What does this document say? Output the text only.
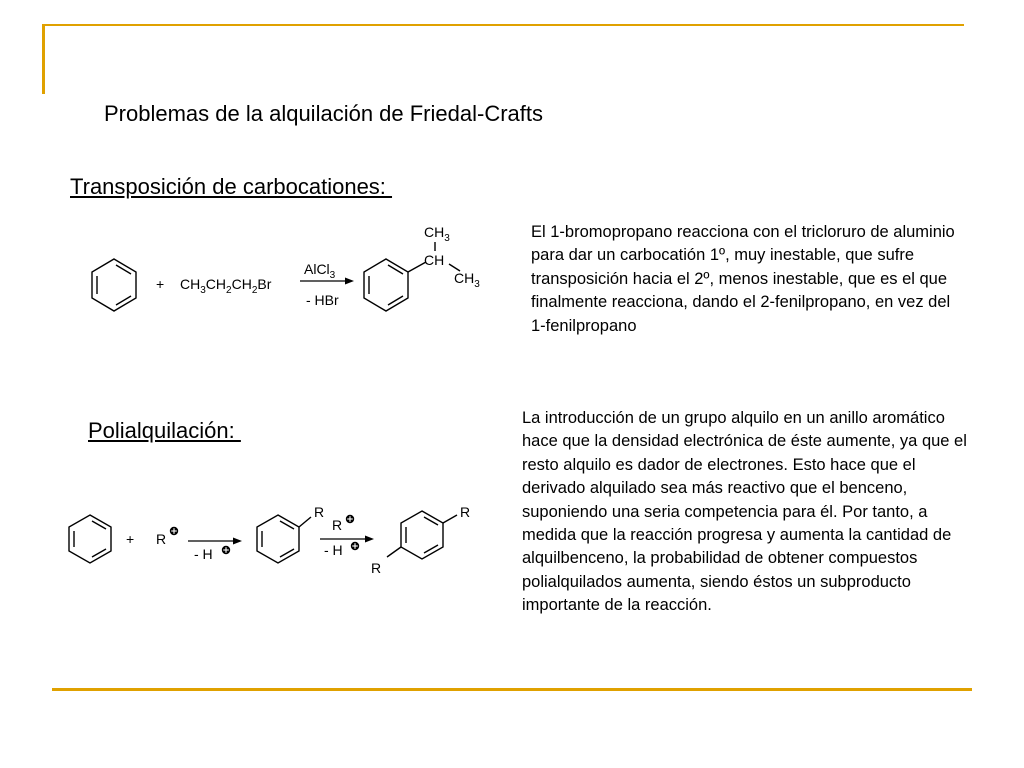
Problemas de la alquilación de Friedal-Crafts
Transposición de carbocationes:
+ $CH_3CH_2CH_2Br$
AlCl$_3$
- HBr
$CH_3$
CH
$CH_3$
El 1-bromopropano reacciona con el tricloruro de aluminio para dar un carbocatión 1º, muy inestable, que sufre transposición hacia el 2º, menos inestable, que es el que finalmente reacciona, dando el 2-fenilpropano, en vez del 1-fenilpropano
Polialquilación:
+ R
- H
R
R
- H
R
R
La introducción de un grupo alquilo en un anillo aromático hace que la densidad electrónica de éste aumente, ya que el resto alquilo es dador de electrones. Esto hace que el derivado alquilado sea más reactivo que el benceno, suponiendo una seria competencia para él. Por tanto, a medida que la reacción progresa y aumenta la cantidad de alquilbenceno, la probabilidad de obtener compuestos polialquilados aumenta, siendo éstos un subproducto importante de la reacción.
